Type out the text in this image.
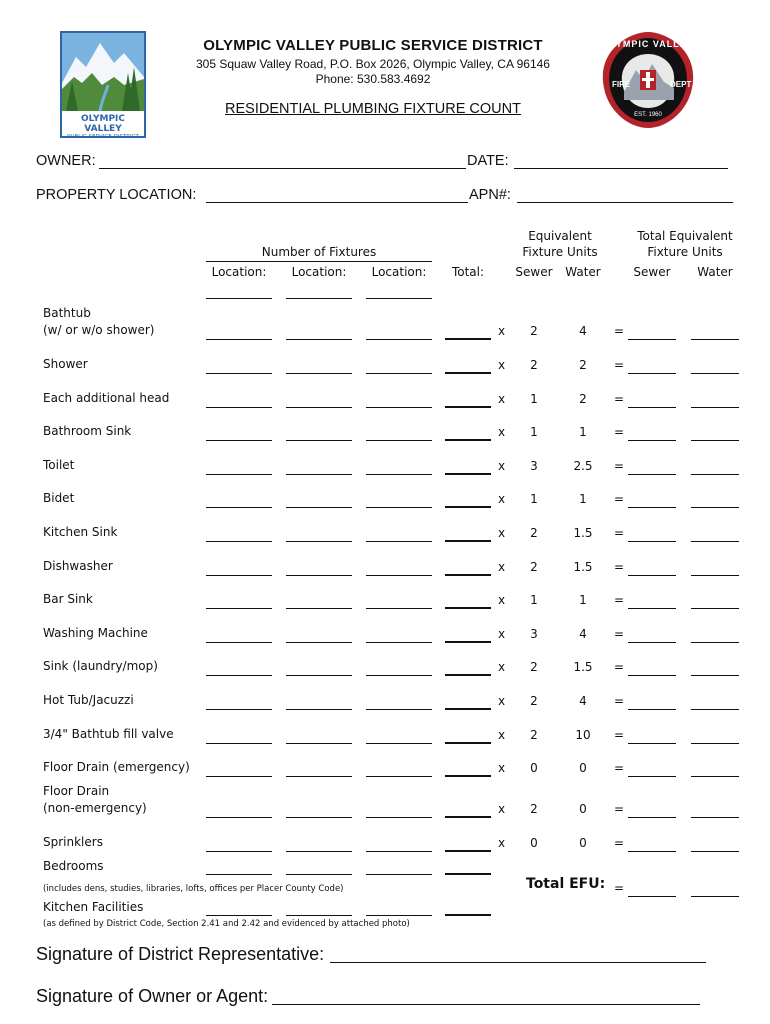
OLYMPIC VALLEY
PUBLIC SERVICE DISTRICT
OLYMPIC VALLEY
FIRE	DEPT
EST. 1960
OLYMPIC VALLEY PUBLIC SERVICE DISTRICT
305 Squaw Valley Road, P.O. Box 2026, Olympic Valley, CA 96146
Phone: 530.583.4692
RESIDENTIAL PLUMBING FIXTURE COUNT
OWNER:	DATE:
PROPERTY LOCATION:	APN#:
Equivalent
Fixture Units
Total Equivalent
Fixture Units
Number of Fixtures
Location:	Location:	Location:	Total:	Sewer	Water	Sewer	Water
Bathtub
(w/ or w/o shower)	x	2	4	=
Shower	x	2	2	=
Each additional head	x	1	2	=
Bathroom Sink	x	1	1	=
Toilet	x	3	2.5	=
Bidet	x	1	1	=
Kitchen Sink	x	2	1.5	=
Dishwasher	x	2	1.5	=
Bar Sink	x	1	1	=
Washing Machine	x	3	4	=
Sink (laundry/mop)	x	2	1.5	=
Hot Tub/Jacuzzi	x	2	4	=
3/4" Bathtub fill valve	x	2	10	=
Floor Drain (emergency)	x	0	0	=
Floor Drain
(non-emergency)	x	2	0	=
Sprinklers	x	0	0	=
Bedrooms
(includes dens, studies, libraries, lofts, offices per Placer County Code)	Total EFU: =
Kitchen Facilities
(as defined by District Code, Section 2.41 and 2.42 and evidenced by attached photo)
Signature of District Representative:
Signature of Owner or Agent:
